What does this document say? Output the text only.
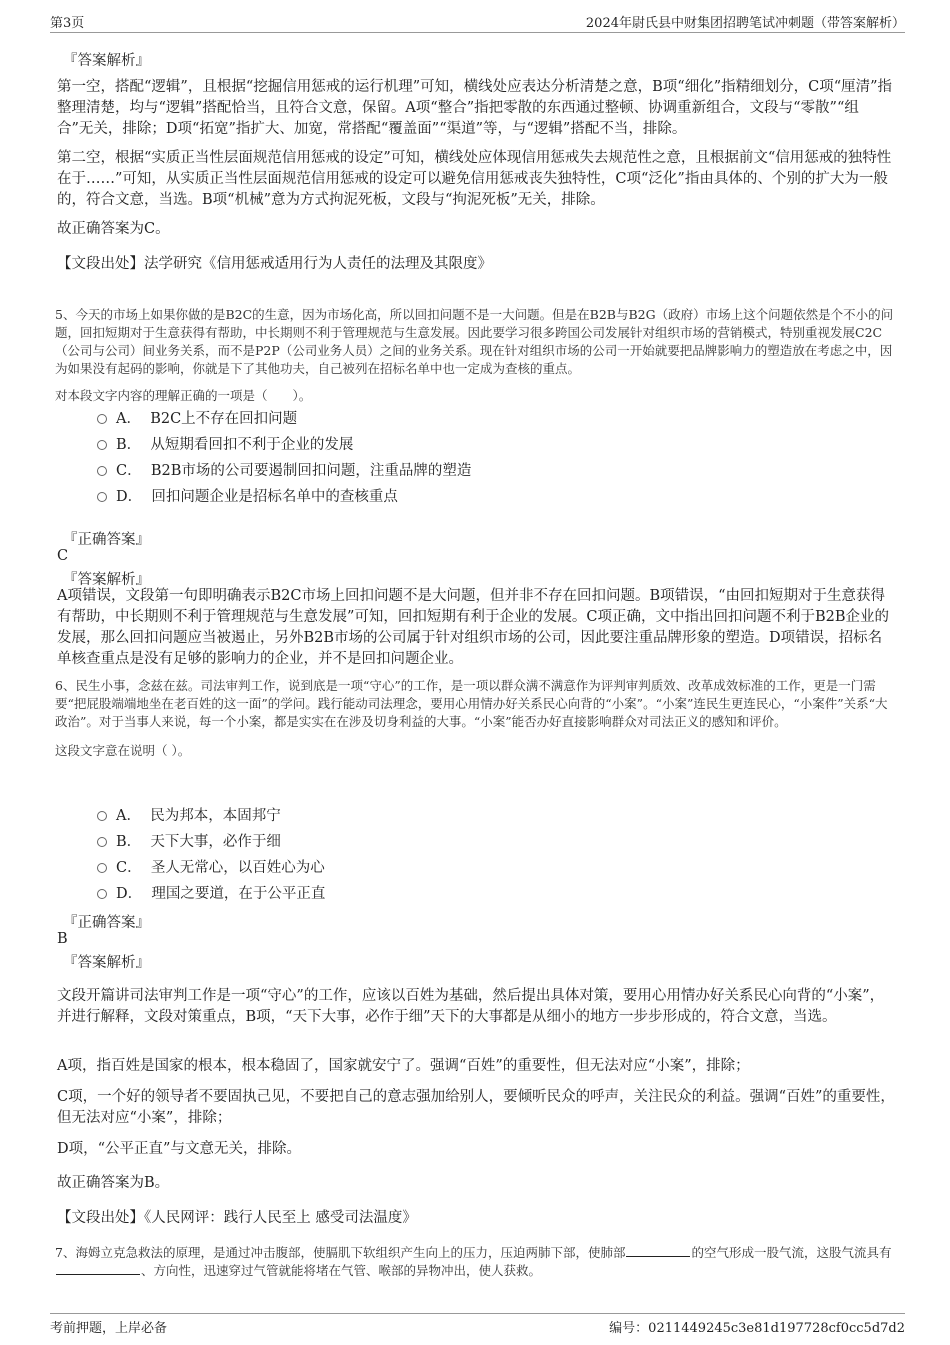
第3页	2024年尉氏县中财集团招聘笔试冲刺题（带答案解析）
『答案解析』

第一空，搭配“逻辑”，且根据“挖掘信用惩戒的运行机理”可知，横线处应表达分析清楚之意，B项“细化”指精细划分，C项“厘清”指整理清楚，均与“逻辑”搭配恰当，且符合文意，保留。A项“整合”指把零散的东西通过整顿、协调重新组合，文段与“零散”“组合”无关，排除；D项“拓宽”指扩大、加宽，常搭配“覆盖面”“渠道”等，与“逻辑”搭配不当，排除。

第二空，根据“实质正当性层面规范信用惩戒的设定”可知，横线处应体现信用惩戒失去规范性之意，且根据前文“信用惩戒的独特性在于……”可知，从实质正当性层面规范信用惩戒的设定可以避免信用惩戒丧失独特性，C项“泛化”指由具体的、个别的扩大为一般的，符合文意，当选。B项“机械”意为方式拘泥死板，文段与“拘泥死板”无关，排除。

故正确答案为C。

【文段出处】法学研究《信用惩戒适用行为人责任的法理及其限度》

5、今天的市场上如果你做的是B2C的生意，因为市场化高，所以回扣问题不是一大问题。但是在B2B与B2G（政府）市场上这个问题依然是个不小的问题，回扣短期对于生意获得有帮助，中长期则不利于管理规范与生意发展。因此要学习很多跨国公司发展针对组织市场的营销模式，特别重视发展C2C（公司与公司）间业务关系，而不是P2P（公司业务人员）之间的业务关系。现在针对组织市场的公司一开始就要把品牌影响力的塑造放在考虑之中，因为如果没有起码的影响，你就是下了其他功夫，自己被列在招标名单中也一定成为查核的重点。

对本段文字内容的理解正确的一项是（　　）。

A．  B2C上不存在回扣问题
B．  从短期看回扣不利于企业的发展
C．  B2B市场的公司要遏制回扣问题，注重品牌的塑造
D．  回扣问题企业是招标名单中的查核重点
『正确答案』
C
『答案解析』

A项错误，文段第一句即明确表示B2C市场上回扣问题不是大问题，但并非不存在回扣问题。B项错误，“由回扣短期对于生意获得有帮助，中长期则不利于管理规范与生意发展”可知，回扣短期有利于企业的发展。C项正确，文中指出回扣问题不利于B2B企业的发展，那么回扣问题应当被遏止，另外B2B市场的公司属于针对组织市场的公司，因此要注重品牌形象的塑造。D项错误，招标名单核查重点是没有足够的影响力的企业，并不是回扣问题企业。

6、民生小事，念兹在兹。司法审判工作，说到底是一项“守心”的工作，是一项以群众满不满意作为评判审判质效、改革成效标准的工作，更是一门需要“把屁股端端地坐在老百姓的这一面”的学问。践行能动司法理念，要用心用情办好关系民心向背的“小案”。“小案”连民生更连民心，“小案件”关系“大政治”。对于当事人来说，每一个小案，都是实实在在涉及切身利益的大事。“小案”能否办好直接影响群众对司法正义的感知和评价。

这段文字意在说明（ ）。

A．  民为邦本，本固邦宁
B．  天下大事，必作于细
C．  圣人无常心，以百姓心为心
D．  理国之要道，在于公平正直
『正确答案』
B
『答案解析』

文段开篇讲司法审判工作是一项“守心”的工作，应该以百姓为基础，然后提出具体对策，要用心用情办好关系民心向背的“小案”，并进行解释，文段对策重点，B项，“天下大事，必作于细”天下的大事都是从细小的地方一步步形成的，符合文意，当选。

A项，指百姓是国家的根本，根本稳固了，国家就安宁了。强调“百姓”的重要性，但无法对应“小案”，排除；

C项，一个好的领导者不要固执己见，不要把自己的意志强加给别人，要倾听民众的呼声，关注民众的利益。强调“百姓”的重要性，但无法对应“小案”，排除；

D项，“公平正直”与文意无关，排除。

故正确答案为B。

【文段出处】《人民网评：践行人民至上 感受司法温度》

7、海姆立克急救法的原理，是通过冲击腹部，使膈肌下软组织产生向上的压力，压迫两肺下部，使肺部	的空气形成一股气流，这股气流具有、方向性，迅速穿过气管就能将堵在气管、喉部的异物冲出，使人获救。

考前押题，上岸必备	编号：0211449245c3e81d197728cf0cc5d7d2
